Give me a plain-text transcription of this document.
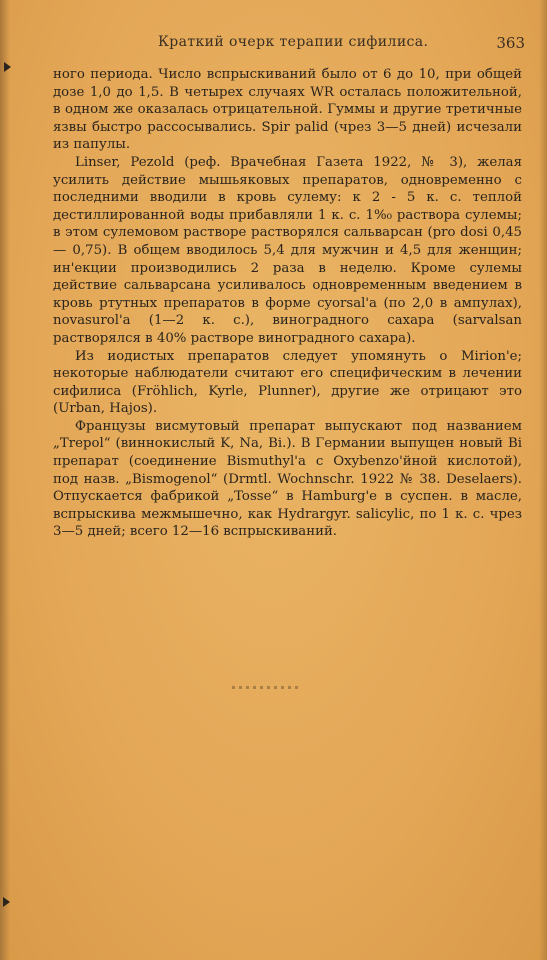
Краткий очерк терапии сифилиса.	363

ного периода. Число вспрыскиваний было от 6 до 10, при общей дозе 1,0 до 1,5. В четырех случаях WR осталась положительной, в одном же оказалась отрицательной. Гуммы и другие третичные язвы быстро рассосывались. Spir palid (чрез 3—5 дней) исчезали из папулы.

Linser, Pezold (реф. Врачебная Газета 1922, № 3), желая усилить действие мышьяковых препаратов, одновременно с последними вводили в кровь сулему: к 2 - 5 к. с. теплой дестиллированной воды прибавляли 1 к. с. 1%₀ раствора сулемы; в этом сулемовом растворе растворялся сальварсан (pro dosi 0,45 — 0,75). В общем вводилось 5,4 для мужчин и 4,5 для женщин; ин'екции производились 2 раза в неделю. Кроме сулемы действие сальварсана усиливалось одновременным введением в кровь ртутных препаратов в форме cyorsal'а (по 2,0 в ампулах), novasurol'а (1—2 к. с.), виноградного сахара (sarvalsan растворялся в 40% растворе виноградного сахара).

Из иодистых препаратов следует упомянуть о Mirion'е; некоторые наблюдатели считают его специфическим в лечении сифилиса (Fröhlich, Kyrle, Plunner), другие же отрицают это (Urban, Hajos).

Французы висмутовый препарат выпускают под названием „Trepol“ (виннокислый K, Na, Bi.). В Германии выпущен новый Bi препарат (соединение Bismuthyl'а с Oxybenzo'йной кислотой), под назв. „Bismogenol“ (Drmtl. Wochnschr. 1922 № 38. Deselaers). Отпускается фабрикой „Tosse“ в Hamburg'е в суспен. в масле, вспрыскива межмышечно, как Hydrargyr. salicylic, по 1 к. с. чрез 3—5 дней; всего 12—16 вспрыскиваний.
